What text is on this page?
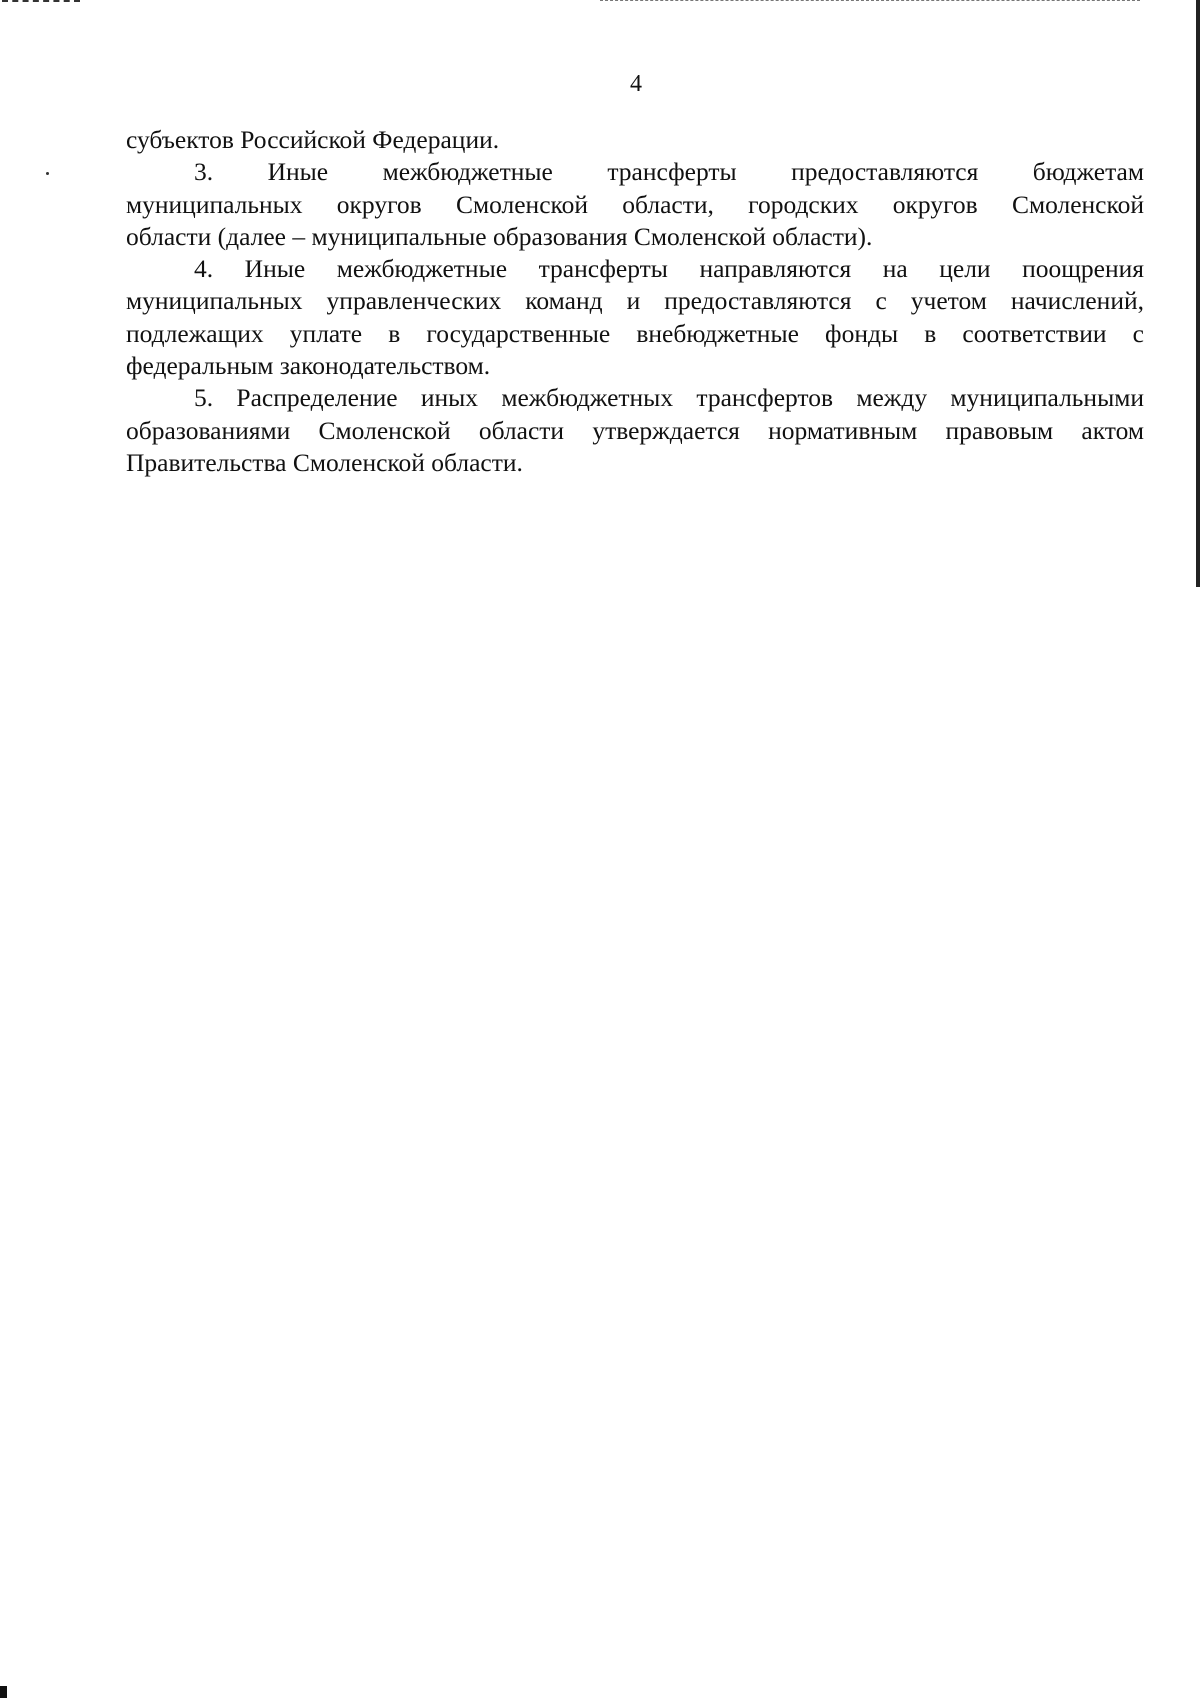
4
субъектов Российской Федерации.
3. Иные межбюджетные трансферты предоставляются бюджетам
муниципальных округов Смоленской области, городских округов Смоленской
области (далее – муниципальные образования Смоленской области).
4. Иные межбюджетные трансферты направляются на цели поощрения
муниципальных управленческих команд и предоставляются с учетом начислений,
подлежащих уплате в государственные внебюджетные фонды в соответствии с
федеральным законодательством.
5. Распределение иных межбюджетных трансфертов между муниципальными
образованиями Смоленской области утверждается нормативным правовым актом
Правительства Смоленской области.
